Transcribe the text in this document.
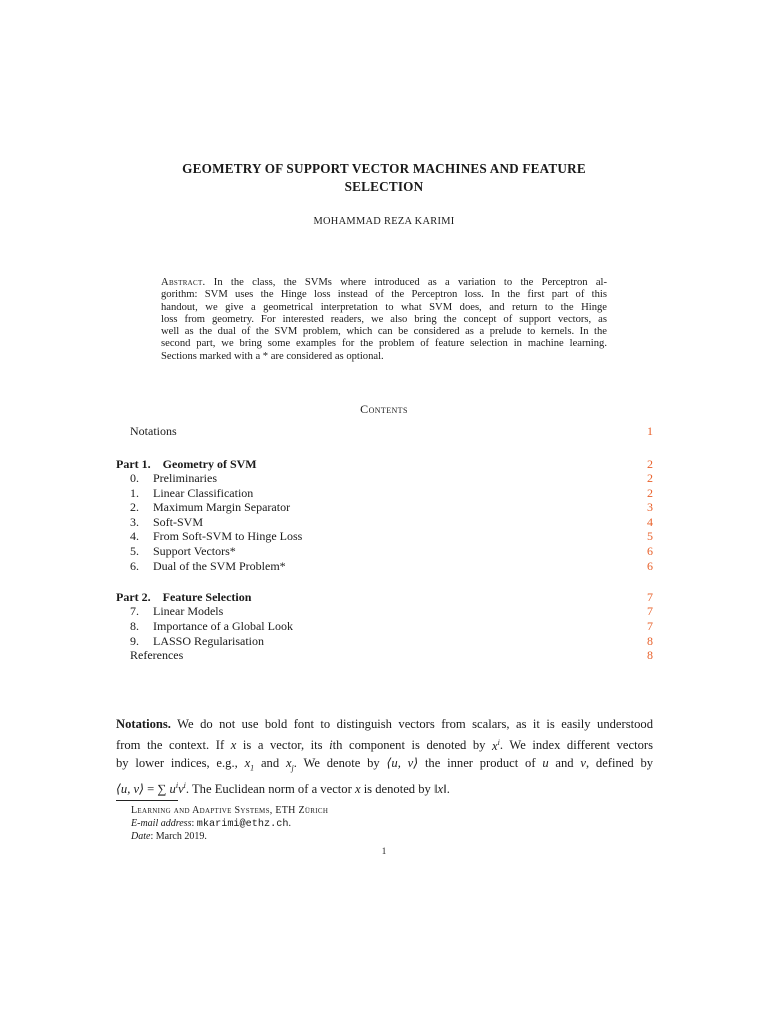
GEOMETRY OF SUPPORT VECTOR MACHINES AND FEATURE
SELECTION
MOHAMMAD REZA KARIMI
Abstract. In the class, the SVMs where introduced as a variation to the Perceptron al-
gorithm: SVM uses the Hinge loss instead of the Perceptron loss. In the first part of this
handout, we give a geometrical interpretation to what SVM does, and return to the Hinge
loss from geometry. For interested readers, we also bring the concept of support vectors, as
well as the dual of the SVM problem, which can be considered as a prelude to kernels. In the
second part, we bring some examples for the problem of feature selection in machine learning.
Sections marked with a * are considered as optional.
Contents
Notations	1
Part 1. Geometry of SVM	2
0. Preliminaries	2
1. Linear Classification	2
2. Maximum Margin Separator	3
3. Soft-SVM	4
4. From Soft-SVM to Hinge Loss	5
5. Support Vectors*	6
6. Dual of the SVM Problem*	6
Part 2. Feature Selection	7
7. Linear Models	7
8. Importance of a Global Look	7
9. LASSO Regularisation	8
References	8
Notations. We do not use bold font to distinguish vectors from scalars, as it is easily understood
from the context. If x is a vector, its ith component is denoted by $x^i$. We index different vectors
by lower indices, e.g., $x_1$ and $x_j$. We denote by ⟨u, v⟩ the inner product of u and v, defined by
⟨u, v⟩ = ∑ $u^iv^i$. The Euclidean norm of a vector x is denoted by ‖x‖.
Learning and Adaptive Systems, ETH Zürich
E-mail address: mkarimi@ethz.ch.
Date: March 2019.
1
